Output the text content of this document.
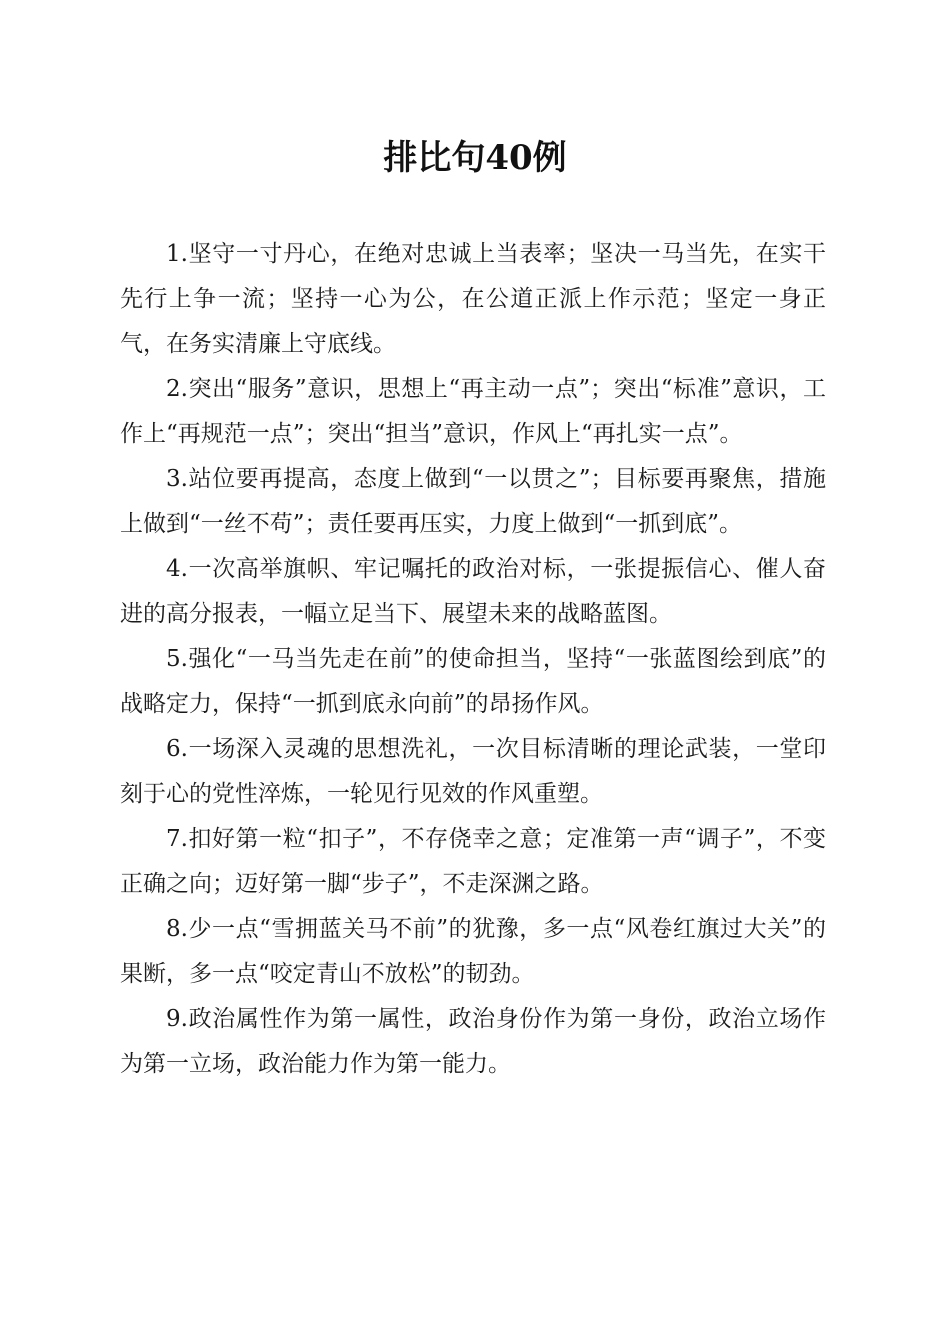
排比句40例

1.坚守一寸丹心，在绝对忠诚上当表率；坚决一马当先，在实干先行上争一流；坚持一心为公，在公道正派上作示范；坚定一身正气，在务实清廉上守底线。

2.突出“服务”意识，思想上“再主动一点”；突出“标准”意识，工作上“再规范一点”；突出“担当”意识，作风上“再扎实一点”。

3.站位要再提高，态度上做到“一以贯之”；目标要再聚焦，措施上做到“一丝不苟”；责任要再压实，力度上做到“一抓到底”。

4.一次高举旗帜、牢记嘱托的政治对标，一张提振信心、催人奋进的高分报表，一幅立足当下、展望未来的战略蓝图。

5.强化“一马当先走在前”的使命担当，坚持“一张蓝图绘到底”的战略定力，保持“一抓到底永向前”的昂扬作风。

6.一场深入灵魂的思想洗礼，一次目标清晰的理论武装，一堂印刻于心的党性淬炼，一轮见行见效的作风重塑。

7.扣好第一粒“扣子”，不存侥幸之意；定准第一声“调子”，不变正确之向；迈好第一脚“步子”，不走深渊之路。

8.少一点“雪拥蓝关马不前”的犹豫，多一点“风卷红旗过大关”的果断，多一点“咬定青山不放松”的韧劲。

9.政治属性作为第一属性，政治身份作为第一身份，政治立场作为第一立场，政治能力作为第一能力。
